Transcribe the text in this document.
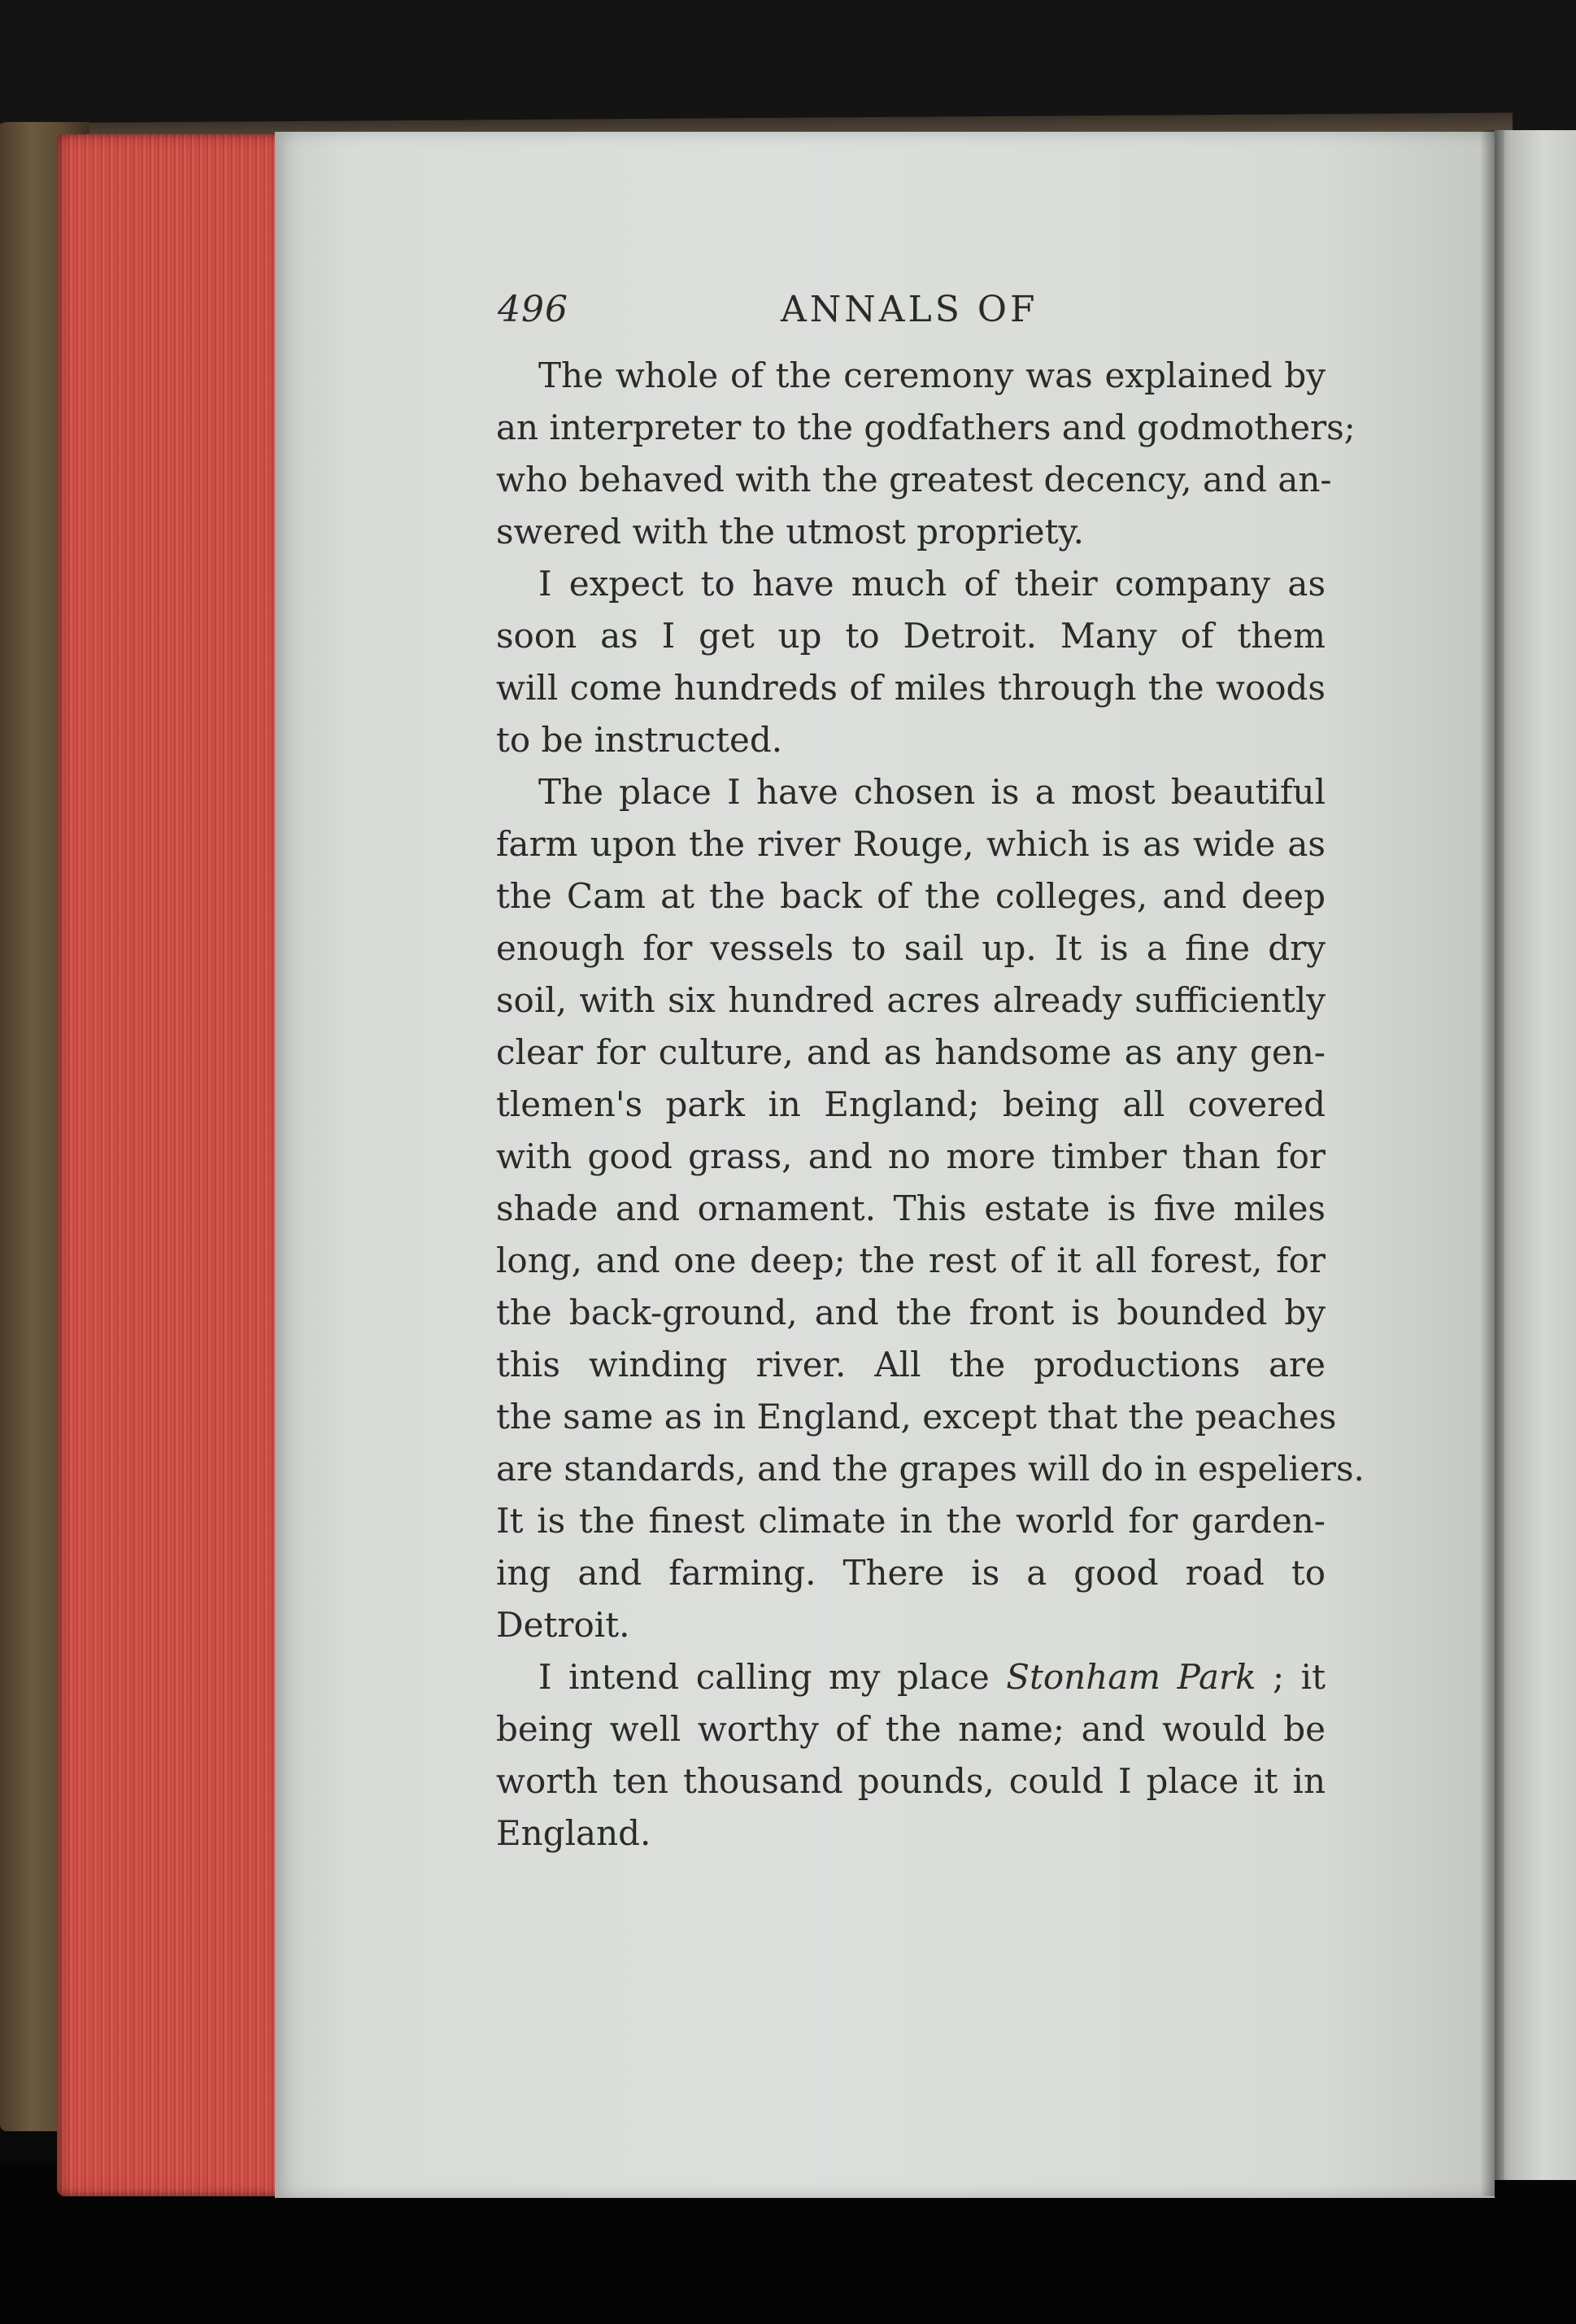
496	ANNALS OF
The whole of the ceremony was explained by
an interpreter to the godfathers and godmothers;
who behaved with the greatest decency, and an-
swered with the utmost propriety.
I expect to have much of their company as
soon as I get up to Detroit. Many of them
will come hundreds of miles through the woods
to be instructed.
The place I have chosen is a most beautiful
farm upon the river Rouge, which is as wide as
the Cam at the back of the colleges, and deep
enough for vessels to sail up. It is a fine dry
soil, with six hundred acres already sufficiently
clear for culture, and as handsome as any gen-
tlemen's park in England; being all covered
with good grass, and no more timber than for
shade and ornament. This estate is five miles
long, and one deep; the rest of it all forest, for
the back-ground, and the front is bounded by
this winding river. All the productions are
the same as in England, except that the peaches
are standards, and the grapes will do in espeliers.
It is the finest climate in the world for garden-
ing and farming. There is a good road to
Detroit.
I intend calling my place Stonham Park ; it
being well worthy of the name; and would be
worth ten thousand pounds, could I place it in
England.
